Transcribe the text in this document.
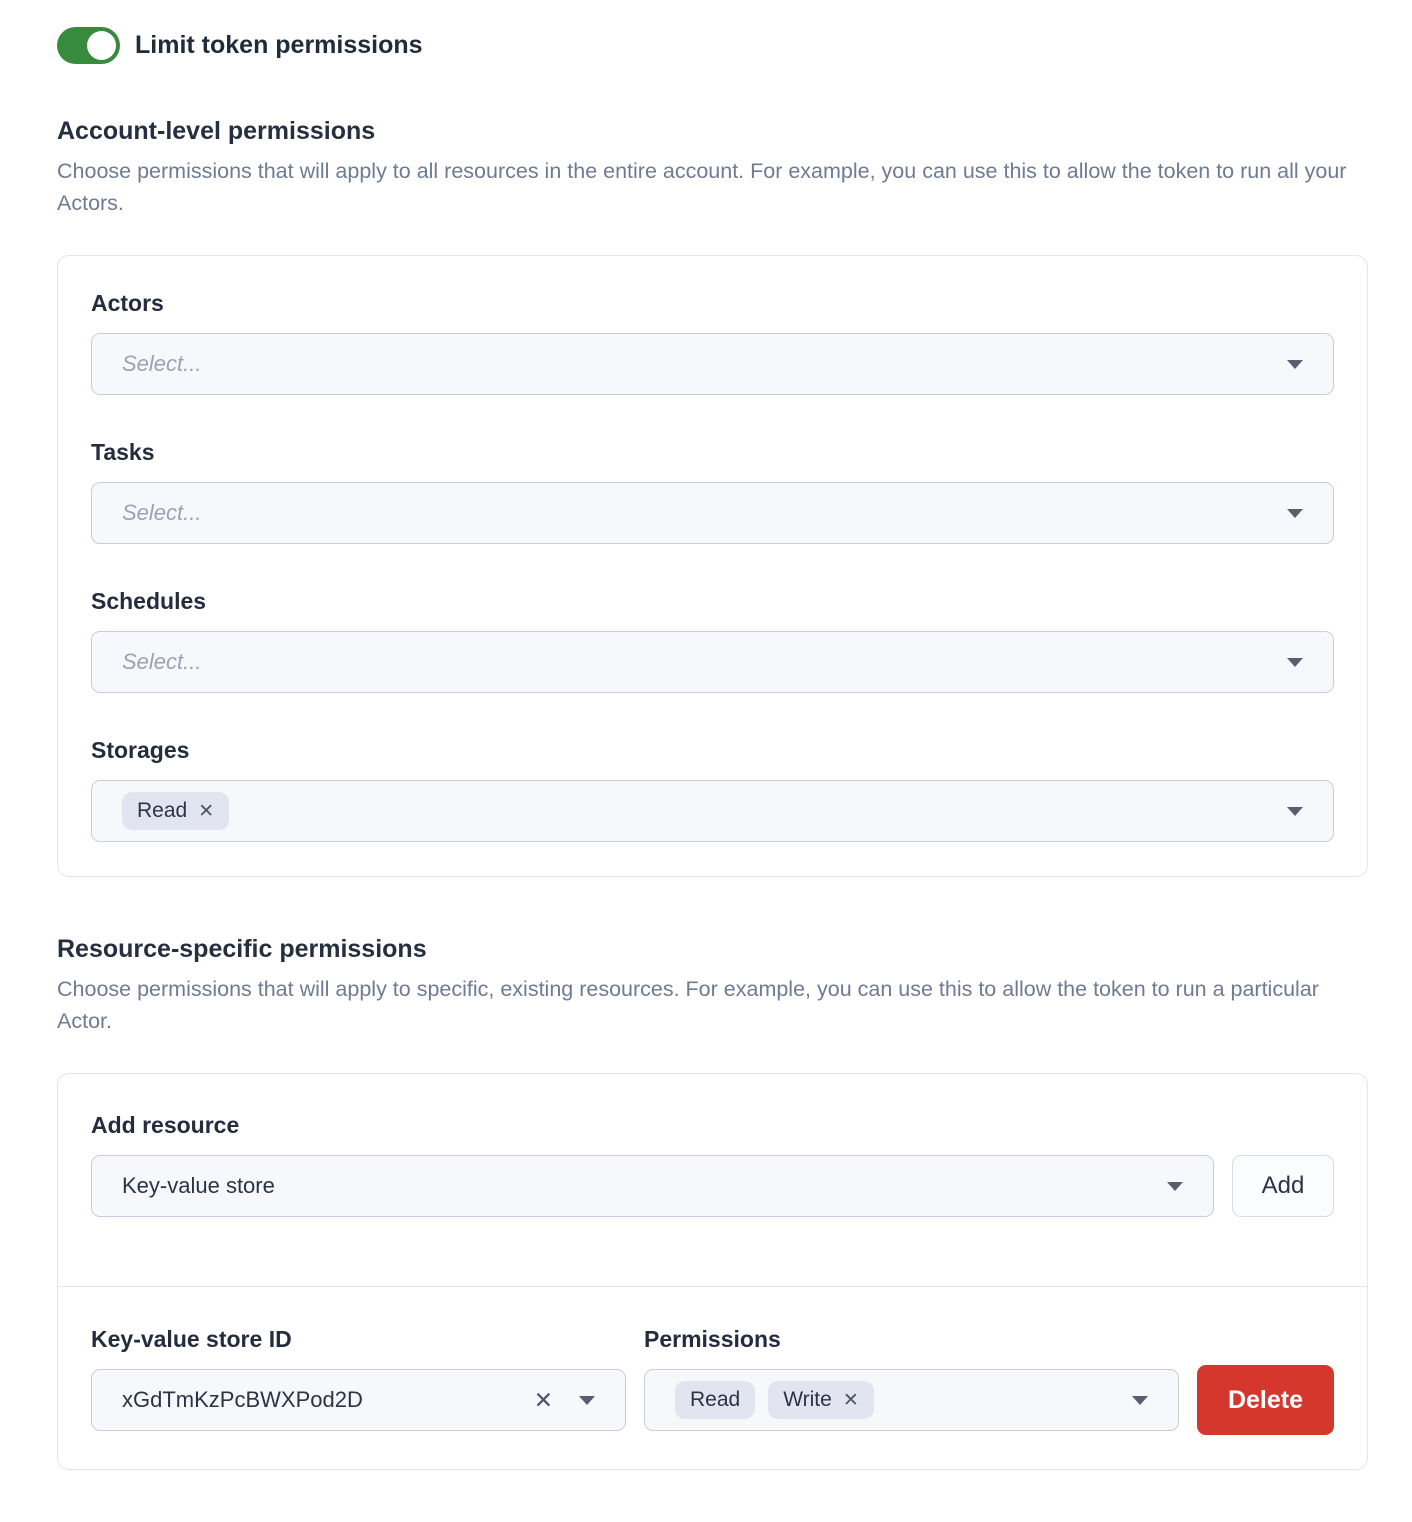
Limit token permissions
Account-level permissions

Choose permissions that will apply to all resources in the entire account. For example, you can use this to allow the token to run all your Actors.

Actors
Select...
Tasks
Select...
Schedules
Select...
Storages
Read ✕
Resource-specific permissions

Choose permissions that will apply to specific, existing resources. For example, you can use this to allow the token to run a particular Actor.

Add resource
Key-value store	Add
Key-value store ID
xGdTmKzPcBWXPod2D	✕
Permissions
Read Write ✕	Delete
